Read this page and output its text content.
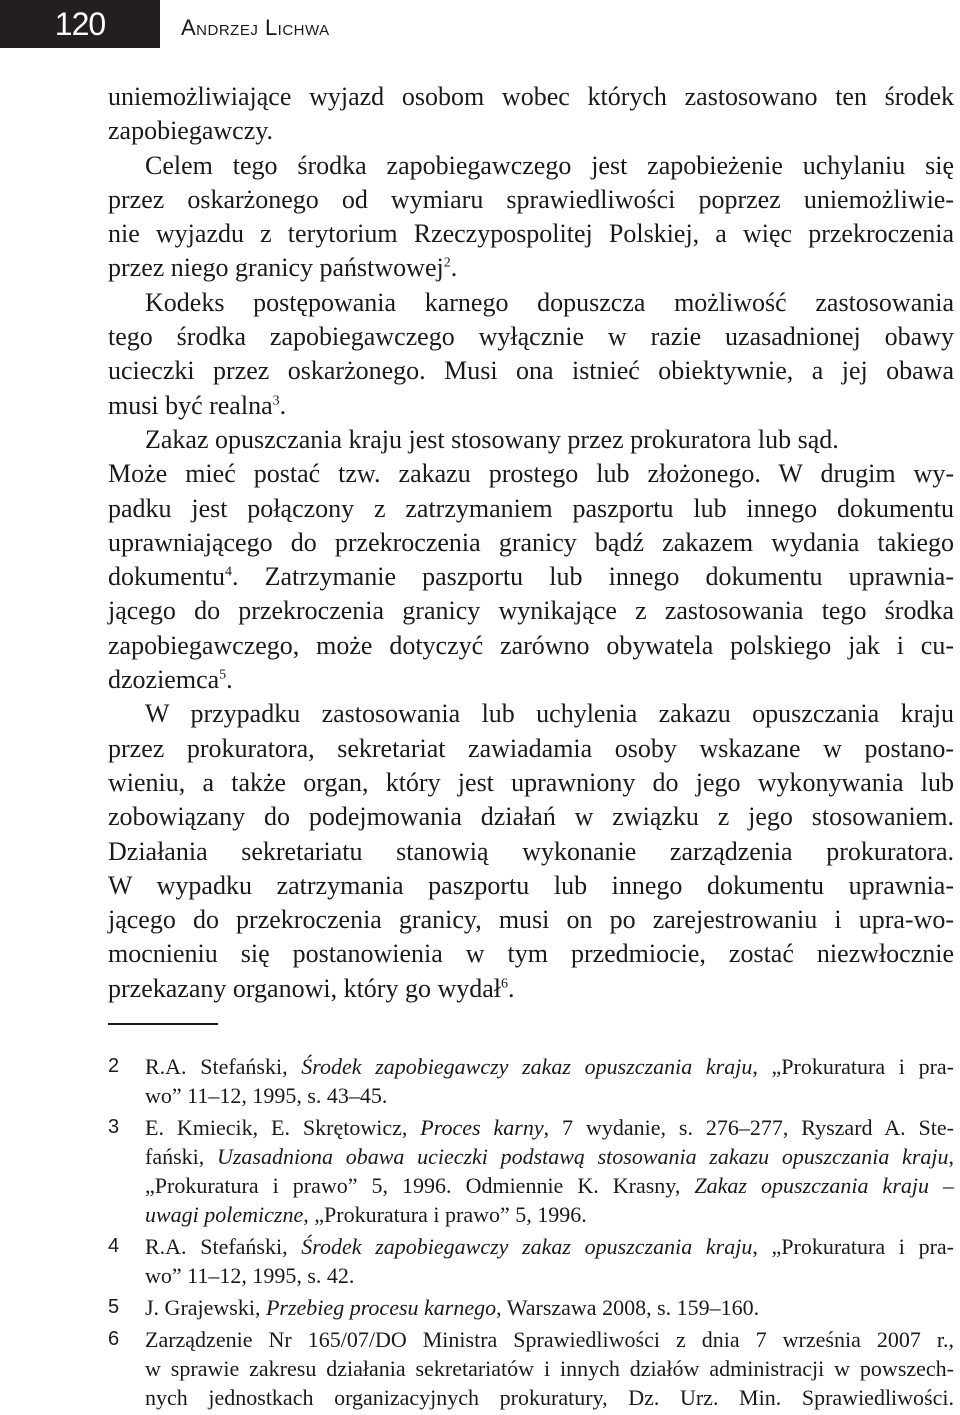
120	Andrzej Lichwa
uniemożliwiające wyjazd osobom wobec których zastosowano ten środek
zapobiegawczy.
Celem tego środka zapobiegawczego jest zapobieżenie uchylaniu się
przez oskarżonego od wymiaru sprawiedliwości poprzez uniemożliwie-
nie wyjazdu z terytorium Rzeczypospolitej Polskiej, a więc przekroczenia
przez niego granicy państwowej$^2$.
Kodeks postępowania karnego dopuszcza możliwość zastosowania
tego środka zapobiegawczego wyłącznie w razie uzasadnionej obawy
ucieczki przez oskarżonego. Musi ona istnieć obiektywnie, a jej obawa
musi być realna$^3$.
Zakaz opuszczania kraju jest stosowany przez prokuratora lub sąd.
Może mieć postać tzw. zakazu prostego lub złożonego. W drugim wy-
padku jest połączony z zatrzymaniem paszportu lub innego dokumentu
uprawniającego do przekroczenia granicy bądź zakazem wydania takiego
dokumentu$^4$. Zatrzymanie paszportu lub innego dokumentu uprawnia-
jącego do przekroczenia granicy wynikające z zastosowania tego środka
zapobiegawczego, może dotyczyć zarówno obywatela polskiego jak i cu-
dzoziemca$^5$.
W przypadku zastosowania lub uchylenia zakazu opuszczania kraju
przez prokuratora, sekretariat zawiadamia osoby wskazane w postano-
wieniu, a także organ, który jest uprawniony do jego wykonywania lub
zobowiązany do podejmowania działań w związku z jego stosowaniem.
Działania sekretariatu stanowią wykonanie zarządzenia prokuratora.
W wypadku zatrzymania paszportu lub innego dokumentu uprawnia-
jącego do przekroczenia granicy, musi on po zarejestrowaniu i upra-wo-
mocnieniu się postanowienia w tym przedmiocie, zostać niezwłocznie
przekazany organowi, który go wydał$^6$.
2	R.A. Stefański, Środek zapobiegawczy zakaz opuszczania kraju, „Prokuratura i pra-
wo” 11–12, 1995, s. 43–45.
3	E. Kmiecik, E. Skrętowicz, Proces karny, 7 wydanie, s. 276–277, Ryszard A. Ste-
fański, Uzasadniona obawa ucieczki podstawą stosowania zakazu opuszczania kraju,
„Prokuratura i prawo” 5, 1996. Odmiennie K. Krasny, Zakaz opuszczania kraju –
uwagi polemiczne, „Prokuratura i prawo” 5, 1996.
4	R.A. Stefański, Środek zapobiegawczy zakaz opuszczania kraju, „Prokuratura i pra-
wo” 11–12, 1995, s. 42.
5	J. Grajewski, Przebieg procesu karnego, Warszawa 2008, s. 159–160.
6	Zarządzenie Nr 165/07/DO Ministra Sprawiedliwości z dnia 7 września 2007 r.,
w sprawie zakresu działania sekretariatów i innych działów administracji w powszech-
nych jednostkach organizacyjnych prokuratury, Dz. Urz. Min. Sprawiedliwości.
